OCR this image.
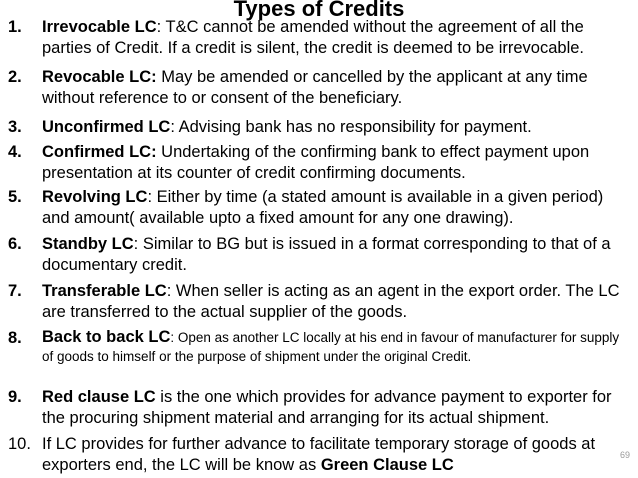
Types of Credits
1. Irrevocable LC: T&C cannot be amended without the agreement of all the parties of Credit. If a credit is silent, the credit is deemed to be irrevocable.
2. Revocable LC: May be amended or cancelled by the applicant at any time without reference to or consent of the beneficiary.
3. Unconfirmed LC: Advising bank has no responsibility for payment.
4. Confirmed LC: Undertaking of the confirming bank to effect payment upon presentation at its counter of credit confirming documents.
5. Revolving LC: Either by time (a stated amount is available in a given period) and amount( available upto a fixed amount for any one drawing).
6. Standby LC: Similar to BG but is issued in a format corresponding to that of a documentary credit.
7. Transferable LC: When seller is acting as an agent in the export order. The LC are transferred to the actual supplier of the goods.
8. Back to back LC: Open as another LC locally at his end in favour of manufacturer for supply of goods to himself or the purpose of shipment under the original Credit.
9. Red clause LC is the one which provides for advance payment to exporter for the procuring shipment material and arranging for its actual shipment.
10. If LC provides for further advance to facilitate temporary storage of goods at exporters end, the LC will be know as Green Clause LC
69
